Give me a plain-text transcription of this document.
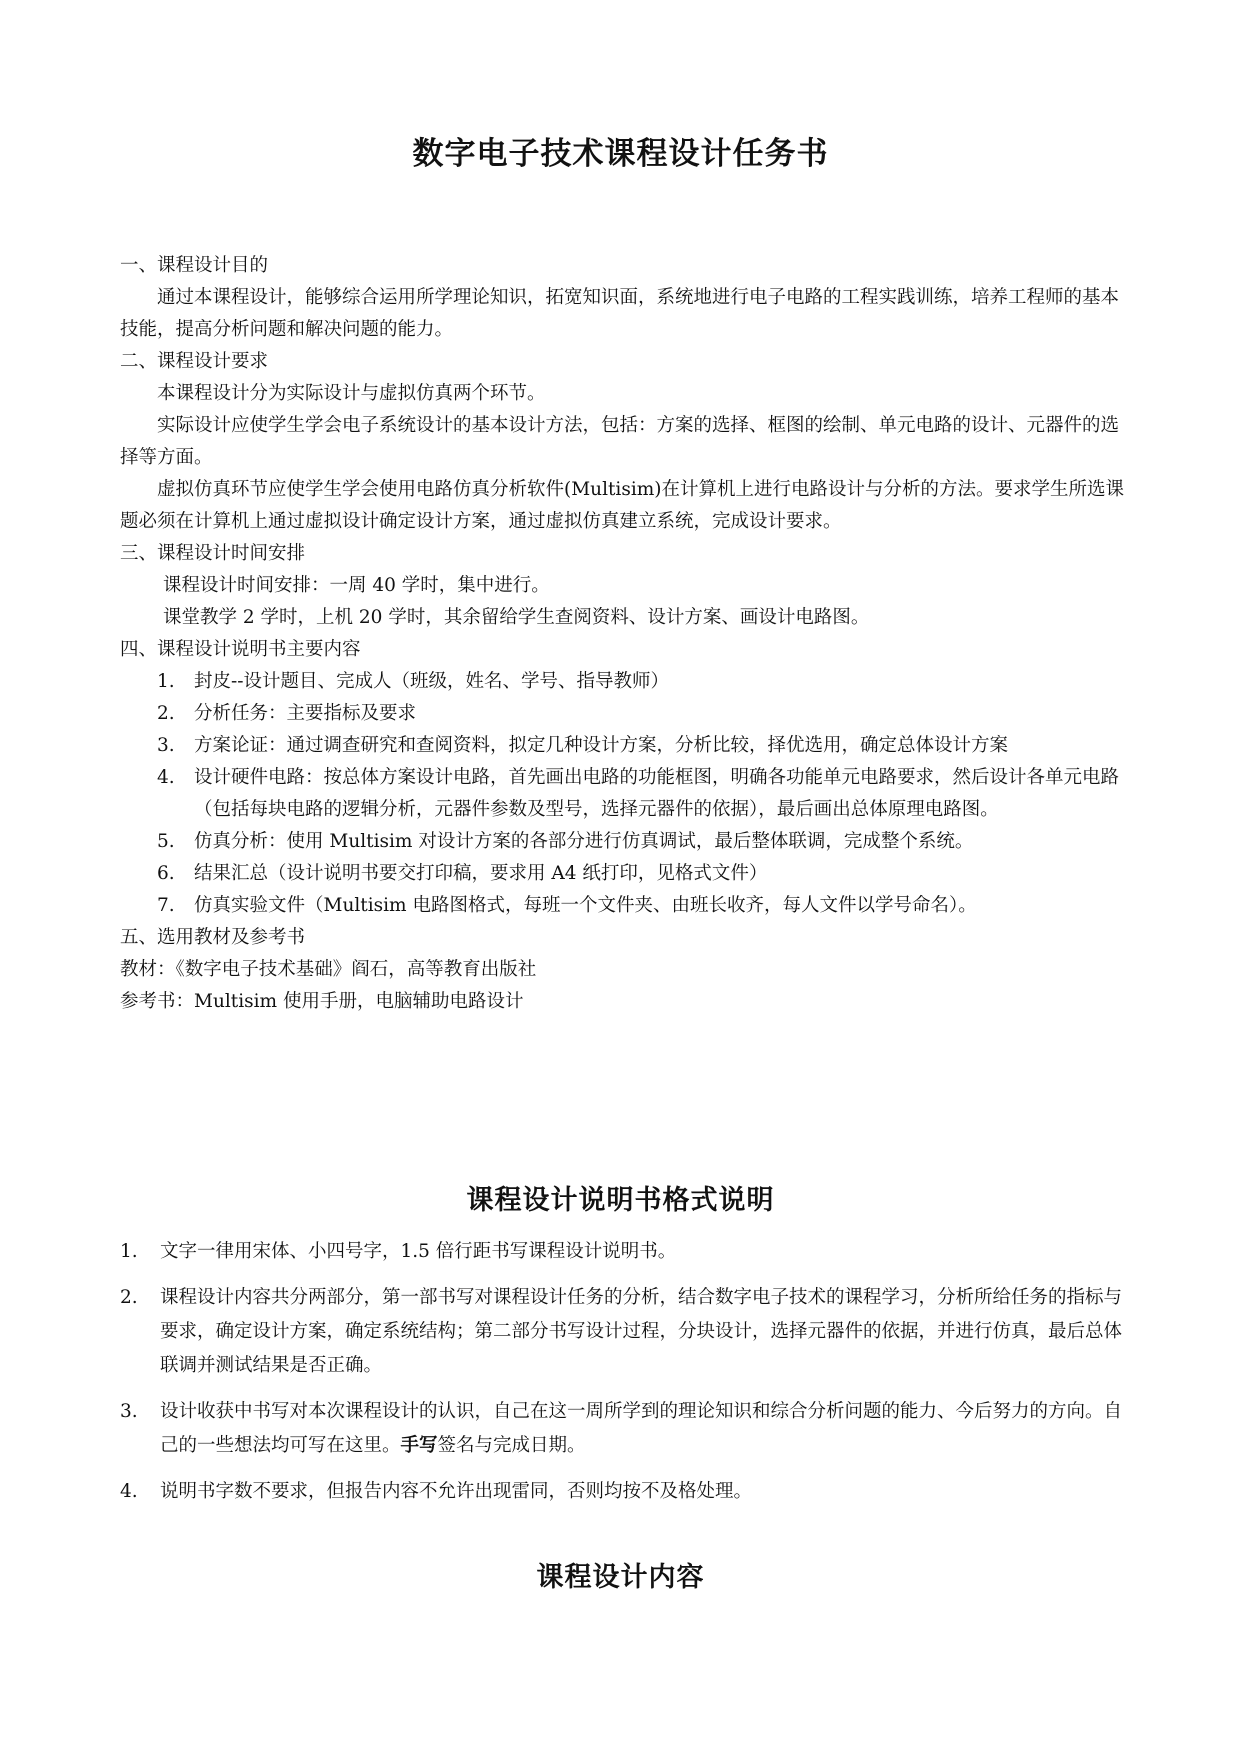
数字电子技术课程设计任务书

一、课程设计目的

通过本课程设计，能够综合运用所学理论知识，拓宽知识面，系统地进行电子电路的工程实践训练，培养工程师的基本技能，提高分析问题和解决问题的能力。

二、课程设计要求

本课程设计分为实际设计与虚拟仿真两个环节。

实际设计应使学生学会电子系统设计的基本设计方法，包括：方案的选择、框图的绘制、单元电路的设计、元器件的选择等方面。

虚拟仿真环节应使学生学会使用电路仿真分析软件(Multisim)在计算机上进行电路设计与分析的方法。要求学生所选课题必须在计算机上通过虚拟设计确定设计方案，通过虚拟仿真建立系统，完成设计要求。

三、课程设计时间安排

课程设计时间安排：一周 40 学时，集中进行。

课堂教学 2 学时，上机 20 学时，其余留给学生查阅资料、设计方案、画设计电路图。

四、课程设计说明书主要内容

1.	封皮--设计题目、完成人（班级，姓名、学号、指导教师）
2.	分析任务：主要指标及要求
3.	方案论证：通过调查研究和查阅资料，拟定几种设计方案，分析比较，择优选用，确定总体设计方案
4.	设计硬件电路：按总体方案设计电路，首先画出电路的功能框图，明确各功能单元电路要求，然后设计各单元电路（包括每块电路的逻辑分析，元器件参数及型号，选择元器件的依据），最后画出总体原理电路图。
5.	仿真分析：使用 Multisim 对设计方案的各部分进行仿真调试，最后整体联调，完成整个系统。
6.	结果汇总（设计说明书要交打印稿，要求用 A4 纸打印，见格式文件）
7.	仿真实验文件（Multisim 电路图格式，每班一个文件夹、由班长收齐，每人文件以学号命名）。

五、选用教材及参考书

教材：《数字电子技术基础》阎石，高等教育出版社

参考书：Multisim 使用手册，电脑辅助电路设计

课程设计说明书格式说明
1.	文字一律用宋体、小四号字，1.5 倍行距书写课程设计说明书。
2.	课程设计内容共分两部分，第一部书写对课程设计任务的分析，结合数字电子技术的课程学习，分析所给任务的指标与要求，确定设计方案，确定系统结构；第二部分书写设计过程，分块设计，选择元器件的依据，并进行仿真，最后总体联调并测试结果是否正确。
3.	设计收获中书写对本次课程设计的认识，自己在这一周所学到的理论知识和综合分析问题的能力、今后努力的方向。自己的一些想法均可写在这里。手写签名与完成日期。
4.	说明书字数不要求，但报告内容不允许出现雷同，否则均按不及格处理。
课程设计内容
